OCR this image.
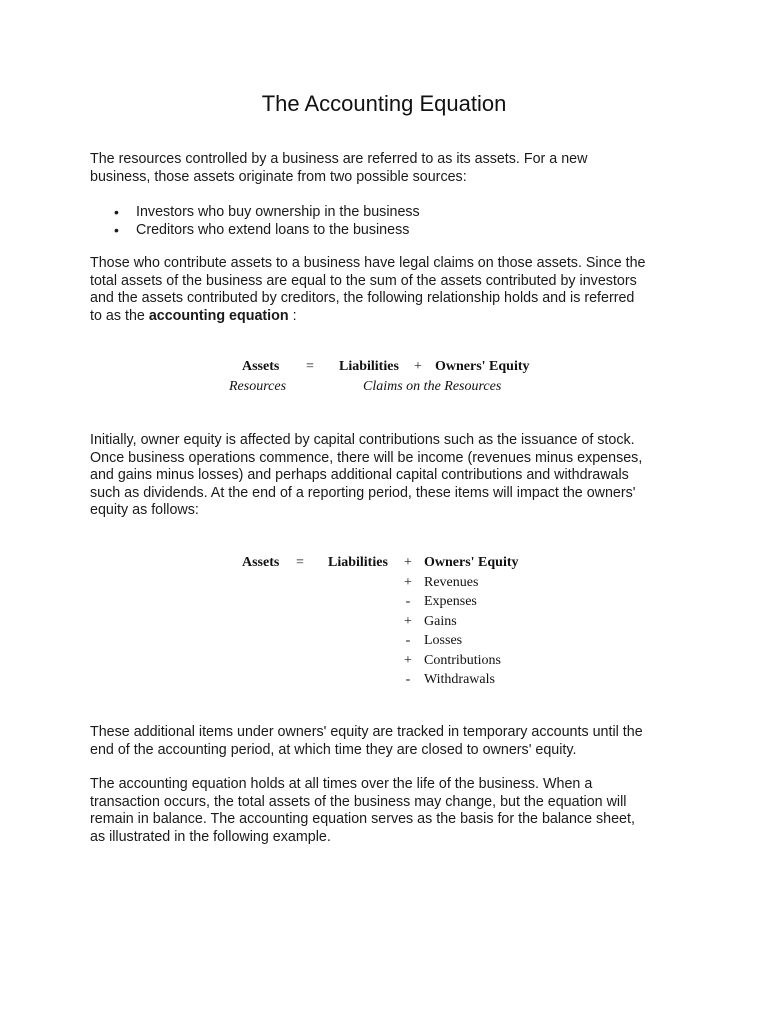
The Accounting Equation

The resources controlled by a business are referred to as its assets. For a new
business, those assets originate from two possible sources:

• Investors who buy ownership in the business
• Creditors who extend loans to the business

Those who contribute assets to a business have legal claims on those assets. Since the
total assets of the business are equal to the sum of the assets contributed by investors
and the assets contributed by creditors, the following relationship holds and is referred
to as the accounting equation :

Assets = Liabilities + Owners' Equity
Resources	Claims on the Resources

Initially, owner equity is affected by capital contributions such as the issuance of stock.
Once business operations commence, there will be income (revenues minus expenses,
and gains minus losses) and perhaps additional capital contributions and withdrawals
such as dividends. At the end of a reporting period, these items will impact the owners'
equity as follows:

Assets = Liabilities	+ Owners' Equity
+ Revenues
- Expenses
+ Gains
- Losses
+ Contributions
- Withdrawals

These additional items under owners' equity are tracked in temporary accounts until the
end of the accounting period, at which time they are closed to owners' equity.

The accounting equation holds at all times over the life of the business. When a
transaction occurs, the total assets of the business may change, but the equation will
remain in balance. The accounting equation serves as the basis for the balance sheet,
as illustrated in the following example.
